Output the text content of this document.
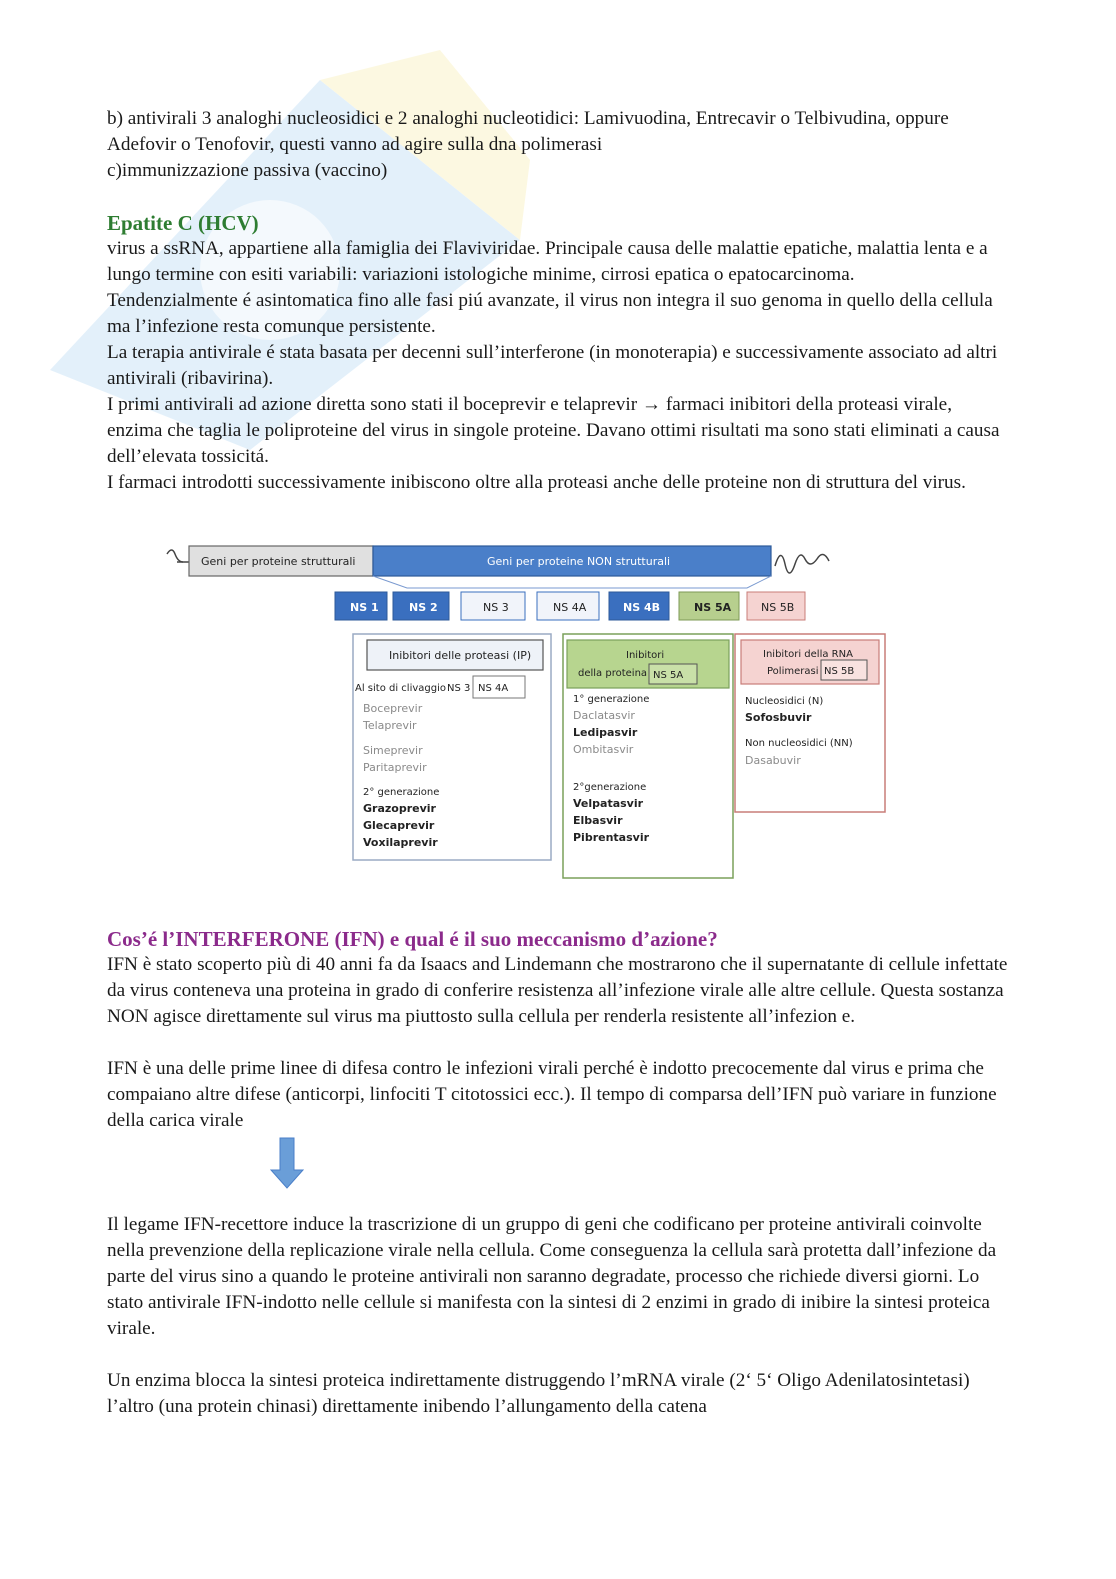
b) antivirali 3 analoghi nucleosidici e 2 analoghi nucleotidici: Lamivuodina, Entrecavir o Telbivudina, oppure Adefovir o Tenofovir, questi vanno ad agire sulla dna polimerasi

c)immunizzazione passiva (vaccino)

Epatite C (HCV)

virus a ssRNA, appartiene alla famiglia dei Flaviviridae. Principale causa delle malattie epatiche, malattia lenta e a lungo termine con esiti variabili: variazioni istologiche minime, cirrosi epatica o epatocarcinoma.

Tendenzialmente é asintomatica fino alle fasi piú avanzate, il virus non integra il suo genoma in quello della cellula ma l’infezione resta comunque persistente.

La terapia antivirale é stata basata per decenni sull’interferone (in monoterapia) e successivamente associato ad altri antivirali (ribavirina).

I primi antivirali ad azione diretta sono stati il boceprevir e telaprevir → farmaci inibitori della proteasi virale, enzima che taglia le poliproteine del virus in singole proteine. Davano ottimi risultati ma sono stati eliminati a causa dell’elevata tossicitá.

I farmaci introdotti successivamente inibiscono oltre alla proteasi anche delle proteine non di struttura del virus.

Geni per proteine strutturali	Geni per proteine NON strutturali
NS 1	NS 2	NS 3	NS 4A	NS 4B	NS 5A	NS 5B
Inibitori delle proteasi (IP)
Al sito di clivaggio NS 3 NS 4A
Boceprevir
Telaprevir
Simeprevir
Paritaprevir
2° generazione
Grazoprevir
Glecaprevir
Voxilaprevir
Inibitori
della proteina NS 5A
1° generazione
Daclatasvir
Ledipasvir
Ombitasvir
2°generazione
Velpatasvir
Elbasvir
Pibrentasvir
Inibitori della RNA
Polimerasi NS 5B
Nucleosidici (N)
Sofosbuvir
Non nucleosidici (NN)
Dasabuvir
Cos’é l’INTERFERONE (IFN) e qual é il suo meccanismo d’azione?

IFN è stato scoperto più di 40 anni fa da Isaacs and Lindemann che mostrarono che il supernatante di cellule infettate da virus conteneva una proteina in grado di conferire resistenza all’infezione virale alle altre cellule. Questa sostanza NON agisce direttamente sul virus ma piuttosto sulla cellula per renderla resistente all’infezion e.

IFN è una delle prime linee di difesa contro le infezioni virali perché è indotto precocemente dal virus e prima che compaiano altre difese (anticorpi, linfociti T citotossici ecc.). Il tempo di comparsa dell’IFN può variare in funzione della carica virale

Il legame IFN-recettore induce la trascrizione di un gruppo di geni che codificano per proteine antivirali coinvolte nella prevenzione della replicazione virale nella cellula. Come conseguenza la cellula sarà protetta dall’infezione da parte del virus sino a quando le proteine antivirali non saranno degradate, processo che richiede diversi giorni. Lo stato antivirale IFN-indotto nelle cellule si manifesta con la sintesi di 2 enzimi in grado di inibire la sintesi proteica virale.

Un enzima blocca la sintesi proteica indirettamente distruggendo l’mRNA virale (2‘ 5‘ Oligo Adenilatosintetasi) l’altro (una protein chinasi) direttamente inibendo l’allungamento della catena
